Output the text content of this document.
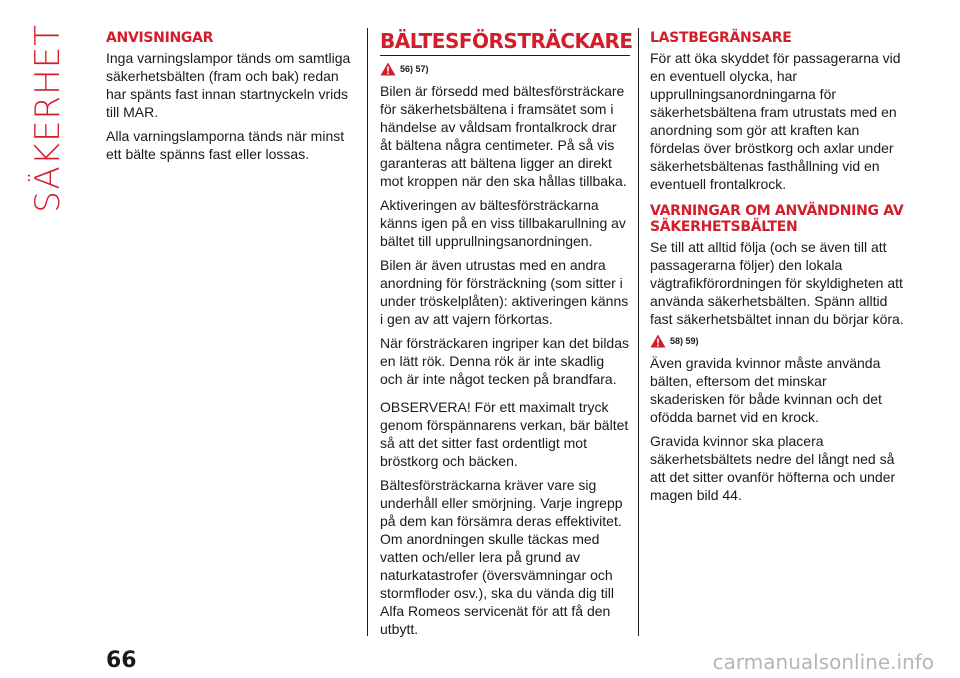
SÄKERHET	ANVISNINGAR

Inga varningslampor tänds om samtliga säkerhetsbälten (fram och bak) redan har spänts fast innan startnyckeln vrids till MAR.

Alla varningslamporna tänds när minst ett bälte spänns fast eller lossas.

BÄLTESFÖRSTRÄCKARE
56) 57)

Bilen är försedd med bältesförsträckare för säkerhetsbältena i framsätet som i händelse av våldsam frontalkrock drar åt bältena några centimeter. På så vis garanteras att bältena ligger an direkt mot kroppen när den ska hållas tillbaka.

Aktiveringen av bältesförsträckarna känns igen på en viss tillbakarullning av bältet till upprullningsanordningen.

Bilen är även utrustas med en andra anordning för försträckning (som sitter i under tröskelplåten): aktiveringen känns i gen av att vajern förkortas.

När försträckaren ingriper kan det bildas en lätt rök. Denna rök är inte skadlig och är inte något tecken på brandfara.

OBSERVERA! För ett maximalt tryck genom förspännarens verkan, bär bältet så att det sitter fast ordentligt mot bröstkorg och bäcken.

Bältesförsträckarna kräver vare sig underhåll eller smörjning. Varje ingrepp på dem kan försämra deras effektivitet. Om anordningen skulle täckas med vatten och/eller lera på grund av naturkatastrofer (översvämningar och stormfloder osv.), ska du vända dig till Alfa Romeos servicenät för att få den utbytt.

LASTBEGRÄNSARE

För att öka skyddet för passagerarna vid en eventuell olycka, har upprullningsanordningarna för säkerhetsbältena fram utrustats med en anordning som gör att kraften kan fördelas över bröstkorg och axlar under säkerhetsbältenas fasthållning vid en eventuell frontalkrock.

VARNINGAR OM ANVÄNDNING AV SÄKERHETSBÄLTEN

Se till att alltid följa (och se även till att passagerarna följer) den lokala vägtrafikförordningen för skyldigheten att använda säkerhetsbälten. Spänn alltid fast säkerhetsbältet innan du börjar köra.

58) 59)

Även gravida kvinnor måste använda bälten, eftersom det minskar skaderisken för både kvinnan och det ofödda barnet vid en krock.

Gravida kvinnor ska placera säkerhetsbältets nedre del långt ned så att det sitter ovanför höfterna och under magen bild 44.

66	carmanualsonline.info
